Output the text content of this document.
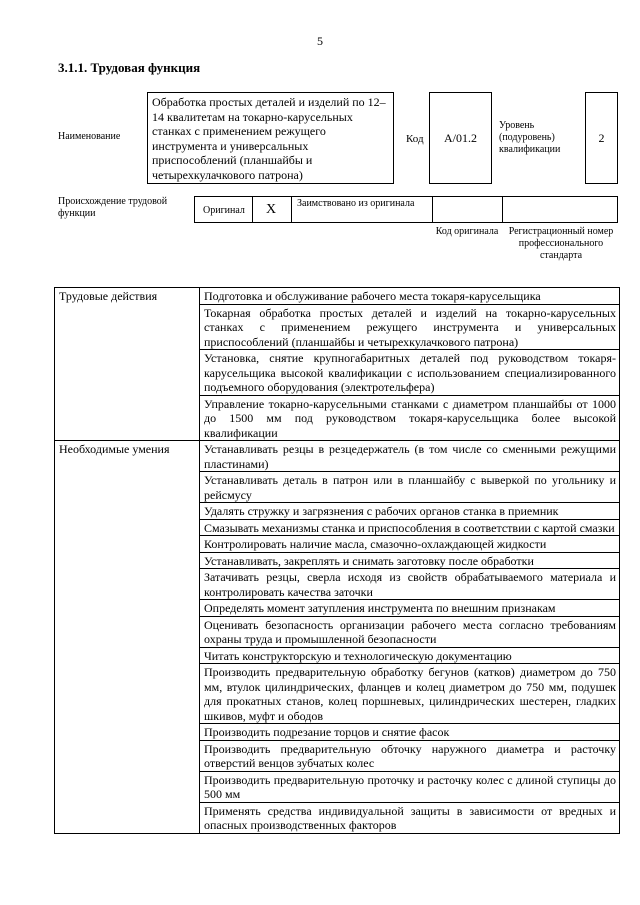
5
3.1.1. Трудовая функция
Наименование
Обработка простых деталей и изделий по 12–14 квалитетам на токарно-карусельных станках с применением режущего инструмента и универсальных приспособлений (планшайбы и четырехкулачкового патрона)
Код	A/01.2
Уровень (подуровень) квалификации
2
Происхождение трудовой функции	Оригинал X Заимствовано из оригинала
Код оригинала	Регистрационный номер профессионального стандарта
Трудовые действия	Подготовка и обслуживание рабочего места токаря-карусельщика
	Токарная обработка простых деталей и изделий на токарно-карусельных станках с применением режущего инструмента и универсальных приспособлений (планшайбы и четырехкулачкового патрона)
	Установка, снятие крупногабаритных деталей под руководством токаря-карусельщика высокой квалификации с использованием специализированного подъемного оборудования (электротельфера)
	Управление токарно-карусельными станками с диаметром планшайбы от 1000 до 1500 мм под руководством токаря-карусельщика более высокой квалификации
Необходимые умения	Устанавливать резцы в резцедержатель (в том числе со сменными режущими пластинами)
	Устанавливать деталь в патрон или в планшайбу с выверкой по угольнику и рейсмусу
	Удалять стружку и загрязнения с рабочих органов станка в приемник
	Смазывать механизмы станка и приспособления в соответствии с картой смазки
	Контролировать наличие масла, смазочно-охлаждающей жидкости
	Устанавливать, закреплять и снимать заготовку после обработки
	Затачивать резцы, сверла исходя из свойств обрабатываемого материала и контролировать качества заточки
	Определять момент затупления инструмента по внешним признакам
	Оценивать безопасность организации рабочего места согласно требованиям охраны труда и промышленной безопасности
	Читать конструкторскую и технологическую документацию
	Производить предварительную обработку бегунов (катков) диаметром до 750 мм, втулок цилиндрических, фланцев и колец диаметром до 750 мм, подушек для прокатных станов, колец поршневых, цилиндрических шестерен, гладких шкивов, муфт и ободов
	Производить подрезание торцов и снятие фасок
	Производить предварительную обточку наружного диаметра и расточку отверстий венцов зубчатых колес
	Производить предварительную проточку и расточку колес с длиной ступицы до 500 мм
	Применять средства индивидуальной защиты в зависимости от вредных и опасных производственных факторов
